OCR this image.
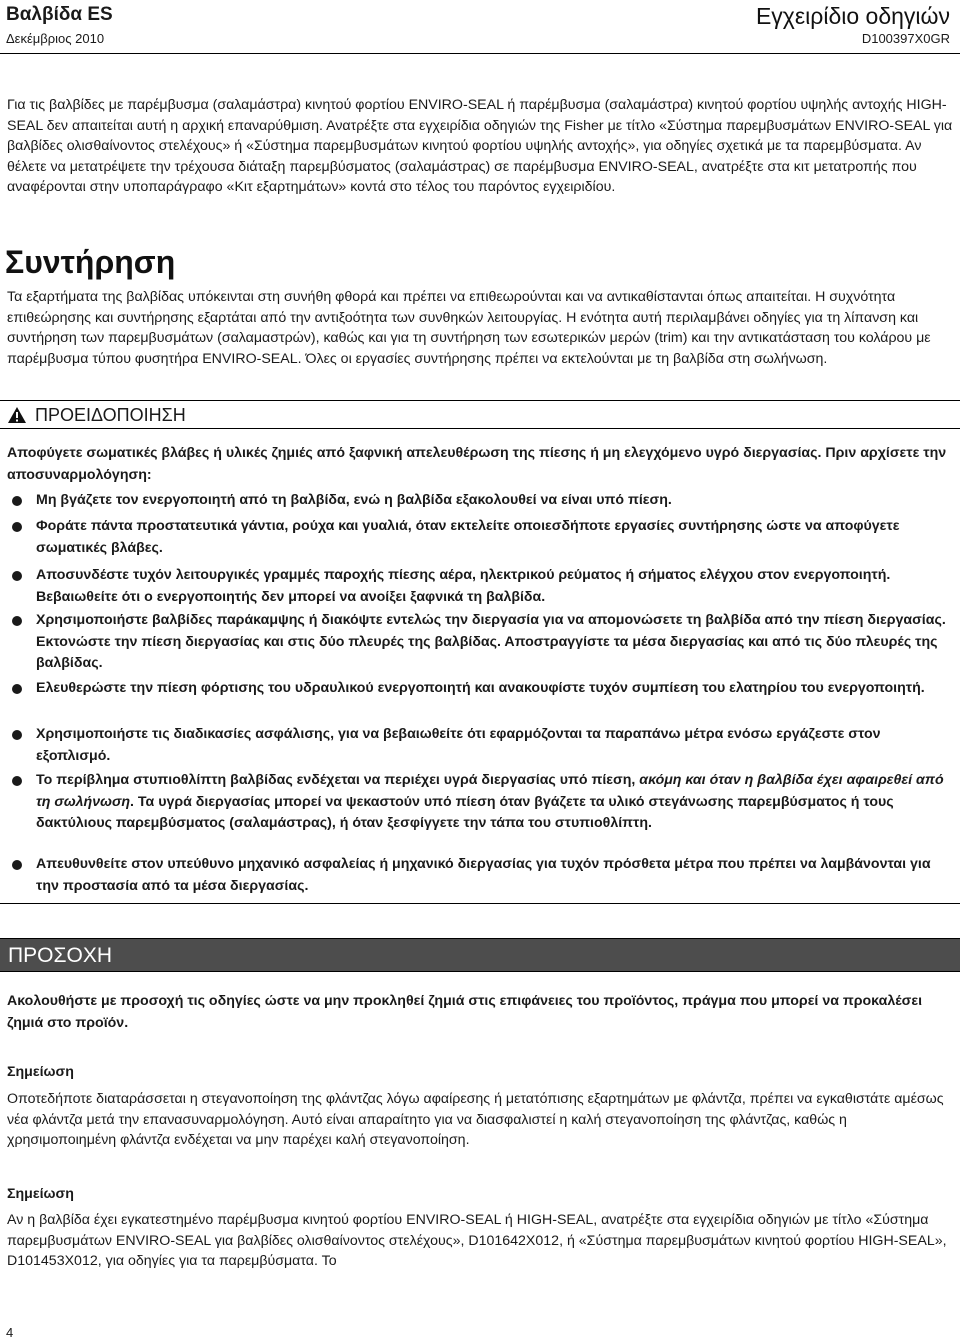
Βαλβίδα ES
Δεκέμβριος 2010
Εγχειρίδιο οδηγιών
D100397X0GR

Για τις βαλβίδες με παρέμβυσμα (σαλαμάστρα) κινητού φορτίου ENVIRO-SEAL ή παρέμβυσμα (σαλαμάστρα) κινητού φορτίου υψηλής αντοχής HIGH-SEAL δεν απαιτείται αυτή η αρχική επαναρύθμιση. Ανατρέξτε στα εγχειρίδια οδηγιών της Fisher με τίτλο «Σύστημα παρεμβυσμάτων ENVIRO-SEAL για βαλβίδες ολισθαίνοντος στελέχους» ή «Σύστημα παρεμβυσμάτων κινητού φορτίου υψηλής αντοχής», για οδηγίες σχετικά με τα παρεμβύσματα. Αν θέλετε να μετατρέψετε την τρέχουσα διάταξη παρεμβύσματος (σαλαμάστρας) σε παρέμβυσμα ENVIRO-SEAL, ανατρέξτε στα κιτ μετατροπής που αναφέρονται στην υποπαράγραφο «Κιτ εξαρτημάτων» κοντά στο τέλος του παρόντος εγχειριδίου.

Συντήρηση

Τα εξαρτήματα της βαλβίδας υπόκεινται στη συνήθη φθορά και πρέπει να επιθεωρούνται και να αντικαθίστανται όπως απαιτείται. Η συχνότητα επιθεώρησης και συντήρησης εξαρτάται από την αντιξοότητα των συνθηκών λειτουργίας. Η ενότητα αυτή περιλαμβάνει οδηγίες για τη λίπανση και συντήρηση των παρεμβυσμάτων (σαλαμαστρών), καθώς και για τη συντήρηση των εσωτερικών μερών (trim) και την αντικατάσταση του κολάρου με παρέμβυσμα τύπου φυσητήρα ENVIRO-SEAL. Όλες οι εργασίες συντήρησης πρέπει να εκτελούνται με τη βαλβίδα στη σωλήνωση.

ΠΡΟΕΙΔΟΠΟΙΗΣΗ

Αποφύγετε σωματικές βλάβες ή υλικές ζημιές από ξαφνική απελευθέρωση της πίεσης ή μη ελεγχόμενο υγρό διεργασίας. Πριν αρχίσετε την αποσυναρμολόγηση:

Μη βγάζετε τον ενεργοποιητή από τη βαλβίδα, ενώ η βαλβίδα εξακολουθεί να είναι υπό πίεση.
Φοράτε πάντα προστατευτικά γάντια, ρούχα και γυαλιά, όταν εκτελείτε οποιεσδήποτε εργασίες συντήρησης ώστε να αποφύγετε σωματικές βλάβες.
Αποσυνδέστε τυχόν λειτουργικές γραμμές παροχής πίεσης αέρα, ηλεκτρικού ρεύματος ή σήματος ελέγχου στον ενεργοποιητή. Βεβαιωθείτε ότι ο ενεργοποιητής δεν μπορεί να ανοίξει ξαφνικά τη βαλβίδα.
Χρησιμοποιήστε βαλβίδες παράκαμψης ή διακόψτε εντελώς την διεργασία για να απομονώσετε τη βαλβίδα από την πίεση διεργασίας. Εκτονώστε την πίεση διεργασίας και στις δύο πλευρές της βαλβίδας. Αποστραγγίστε τα μέσα διεργασίας και από τις δύο πλευρές της βαλβίδας.
Ελευθερώστε την πίεση φόρτισης του υδραυλικού ενεργοποιητή και ανακουφίστε τυχόν συμπίεση του ελατηρίου του ενεργοποιητή.
Χρησιμοποιήστε τις διαδικασίες ασφάλισης, για να βεβαιωθείτε ότι εφαρμόζονται τα παραπάνω μέτρα ενόσω εργάζεστε στον εξοπλισμό.
Το περίβλημα στυπιοθλίπτη βαλβίδας ενδέχεται να περιέχει υγρά διεργασίας υπό πίεση, ακόμη και όταν η βαλβίδα έχει αφαιρεθεί από τη σωλήνωση. Τα υγρά διεργασίας μπορεί να ψεκαστούν υπό πίεση όταν βγάζετε τα υλικό στεγάνωσης παρεμβύσματος ή τους δακτύλιους παρεμβύσματος (σαλαμάστρας), ή όταν ξεσφίγγετε την τάπα του στυπιοθλίπτη.
Απευθυνθείτε στον υπεύθυνο μηχανικό ασφαλείας ή μηχανικό διεργασίας για τυχόν πρόσθετα μέτρα που πρέπει να λαμβάνονται για την προστασία από τα μέσα διεργασίας.
ΠΡΟΣΟΧΗ

Ακολουθήστε με προσοχή τις οδηγίες ώστε να μην προκληθεί ζημιά στις επιφάνειες του προϊόντος, πράγμα που μπορεί να προκαλέσει ζημιά στο προϊόν.

Σημείωση

Οποτεδήποτε διαταράσσεται η στεγανοποίηση της φλάντζας λόγω αφαίρεσης ή μετατόπισης εξαρτημάτων με φλάντζα, πρέπει να εγκαθιστάτε αμέσως νέα φλάντζα μετά την επανασυναρμολόγηση. Αυτό είναι απαραίτητο για να διασφαλιστεί η καλή στεγανοποίηση της φλάντζας, καθώς η χρησιμοποιημένη φλάντζα ενδέχεται να μην παρέχει καλή στεγανοποίηση.

Σημείωση

Αν η βαλβίδα έχει εγκατεστημένο παρέμβυσμα κινητού φορτίου ENVIRO-SEAL ή HIGH-SEAL, ανατρέξτε στα εγχειρίδια οδηγιών με τίτλο «Σύστημα παρεμβυσμάτων ENVIRO-SEAL για βαλβίδες ολισθαίνοντος στελέχους», D101642X012, ή «Σύστημα παρεμβυσμάτων κινητού φορτίου HIGH-SEAL», D101453X012, για οδηγίες για τα παρεμβύσματα. Το

4
